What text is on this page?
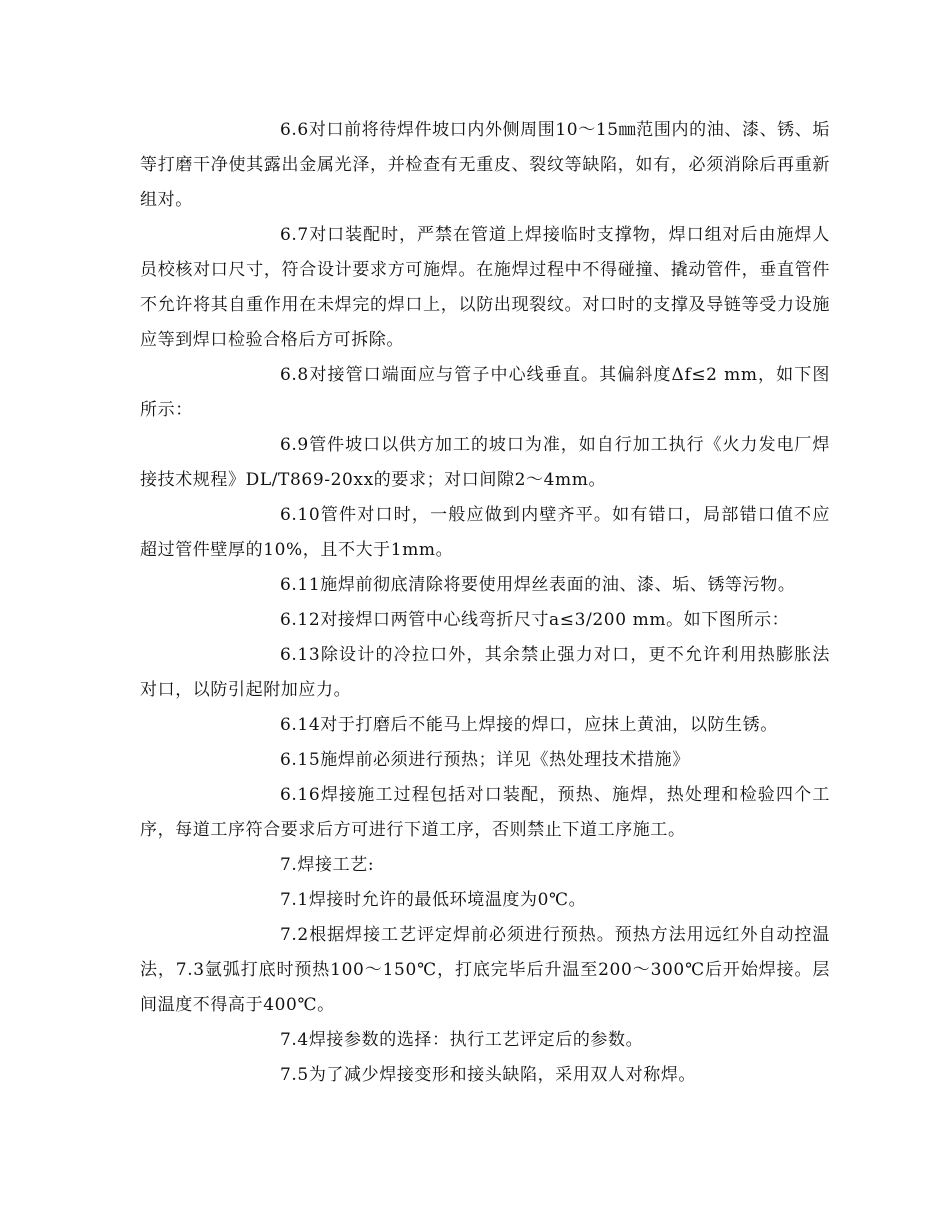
6.6对口前将待焊件坡口内外侧周围10～15㎜范围内的油、漆、锈、垢等打磨干净使其露出金属光泽，并检查有无重皮、裂纹等缺陷，如有，必须消除后再重新组对。

6.7对口装配时，严禁在管道上焊接临时支撑物，焊口组对后由施焊人员校核对口尺寸，符合设计要求方可施焊。在施焊过程中不得碰撞、撬动管件，垂直管件不允许将其自重作用在未焊完的焊口上，以防出现裂纹。对口时的支撑及导链等受力设施应等到焊口检验合格后方可拆除。

6.8对接管口端面应与管子中心线垂直。其偏斜度Δf≤2 mm，如下图所示：

6.9管件坡口以供方加工的坡口为准，如自行加工执行《火力发电厂焊接技术规程》DL/T869-20xx的要求；对口间隙2～4mm。

6.10管件对口时，一般应做到内壁齐平。如有错口，局部错口值不应超过管件壁厚的10%，且不大于1mm。

6.11施焊前彻底清除将要使用焊丝表面的油、漆、垢、锈等污物。

6.12对接焊口两管中心线弯折尺寸a≤3/200 mm。如下图所示：

6.13除设计的冷拉口外，其余禁止强力对口，更不允许利用热膨胀法对口，以防引起附加应力。

6.14对于打磨后不能马上焊接的焊口，应抹上黄油，以防生锈。

6.15施焊前必须进行预热；详见《热处理技术措施》

6.16焊接施工过程包括对口装配，预热、施焊，热处理和检验四个工序，每道工序符合要求后方可进行下道工序，否则禁止下道工序施工。

7.焊接工艺:

7.1焊接时允许的最低环境温度为0℃。

7.2根据焊接工艺评定焊前必须进行预热。预热方法用远红外自动控温法，7.3氩弧打底时预热100～150℃，打底完毕后升温至200～300℃后开始焊接。层间温度不得高于400℃。

7.4焊接参数的选择：执行工艺评定后的参数。

7.5为了减少焊接变形和接头缺陷，采用双人对称焊。
